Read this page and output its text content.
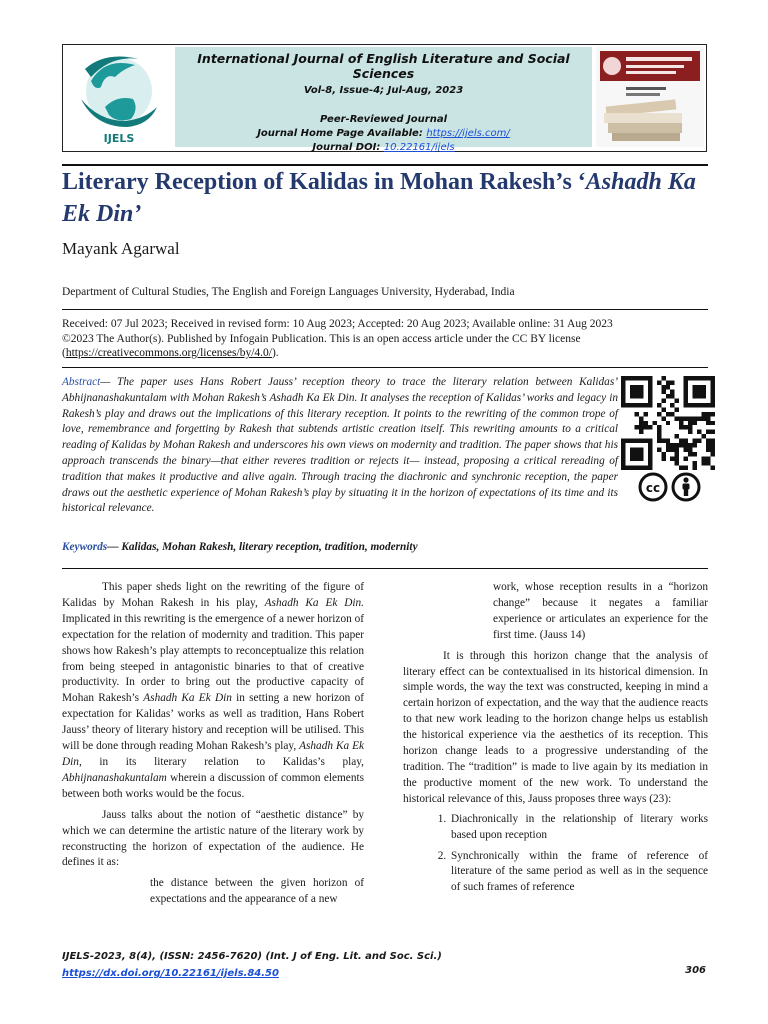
IJELS
International Journal of English Literature and Social Sciences
Vol-8, Issue-4; Jul-Aug, 2023
Peer-Reviewed Journal
Journal Home Page Available: https://ijels.com/
Journal DOI: 10.22161/ijels
Literary Reception of Kalidas in Mohan Rakesh’s ‘Ashadh Ka Ek Din’
Mayank Agarwal
Department of Cultural Studies, The English and Foreign Languages University, Hyderabad, India
Received: 07 Jul 2023; Received in revised form: 10 Aug 2023; Accepted: 20 Aug 2023; Available online: 31 Aug 2023
©2023 The Author(s). Published by Infogain Publication. This is an open access article under the CC BY license
(https://creativecommons.org/licenses/by/4.0/).
Abstract— The paper uses Hans Robert Jauss’ reception theory to trace the literary relation between Kalidas’ Abhijnanashakuntalam with Mohan Rakesh’s Ashadh Ka Ek Din. It analyses the reception of Kalidas’ works and legacy in Rakesh’s play and draws out the implications of this literary reception. It points to the rewriting of the common trope of love, remembrance and forgetting by Rakesh that subtends artistic creation itself. This rewriting amounts to a critical reading of Kalidas by Mohan Rakesh and underscores his own views on modernity and tradition. The paper shows that his approach transcends the binary—that either reveres tradition or rejects it— instead, proposing a critical rereading of tradition that makes it productive and alive again. Through tracing the diachronic and synchronic reception, the paper draws out the aesthetic experience of Mohan Rakesh’s play by situating it in the horizon of expectations of its time and its historical relevance.
cc
Keywords— Kalidas, Mohan Rakesh, literary reception, tradition, modernity

This paper sheds light on the rewriting of the figure of Kalidas by Mohan Rakesh in his play, Ashadh Ka Ek Din. Implicated in this rewriting is the emergence of a newer horizon of expectation for the relation of modernity and tradition. This paper shows how Rakesh’s play attempts to reconceptualize this relation from being steeped in antagonistic binaries to that of creative productivity. In order to bring out the productive capacity of Mohan Rakesh’s Ashadh Ka Ek Din in setting a new horizon of expectation for Kalidas’ works as well as tradition, Hans Robert Jauss’ theory of literary history and reception will be utilised. This will be done through reading Mohan Rakesh’s play, Ashadh Ka Ek Din, in its literary relation to Kalidas’s play, Abhijnanashakuntalam wherein a discussion of common elements between both works would be the focus.

Jauss talks about the notion of “aesthetic distance” by which we can determine the artistic nature of the literary work by reconstructing the horizon of expectation of the audience. He defines it as:

the distance between the given horizon of expectations and the appearance of a new

work, whose reception results in a “horizon change” because it negates a familiar experience or articulates an experience for the first time. (Jauss 14)

It is through this horizon change that the analysis of literary effect can be contextualised in its historical dimension. In simple words, the way the text was constructed, keeping in mind a certain horizon of expectation, and the way that the audience reacts to that new work leading to the horizon change helps us establish the historical experience via the aesthetics of its reception. This horizon change leads to a progressive understanding of the tradition. The “tradition” is made to live again by its mediation in the productive moment of the new work. To understand the historical relevance of this, Jauss proposes three ways (23):

1. Diachronically in the relationship of literary works based upon reception
2. Synchronically within the frame of reference of literature of the same period as well as in the sequence of such frames of reference
IJELS-2023, 8(4), (ISSN: 2456-7620) (Int. J of Eng. Lit. and Soc. Sci.)
https://dx.doi.org/10.22161/ijels.84.50	306
